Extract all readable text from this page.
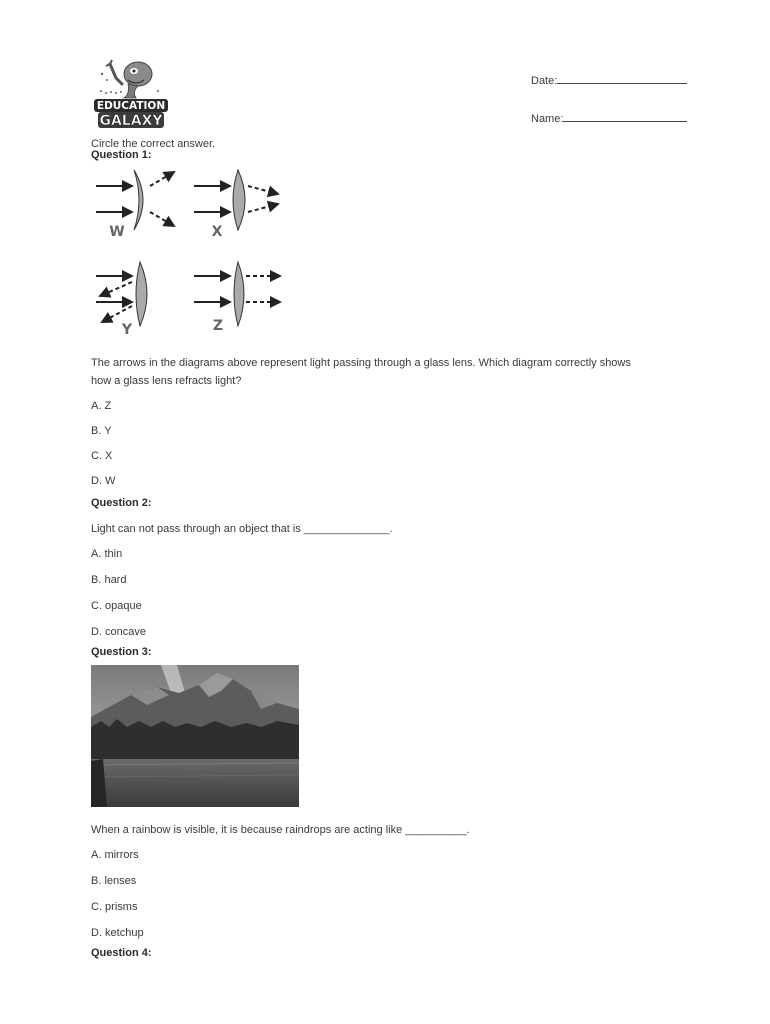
EDUCATION
GALAXY
Date:
Name:
Circle the correct answer.
Question 1:
W	X
Y	Z
The arrows in the diagrams above represent light passing through a glass lens. Which diagram correctly shows
how a glass lens refracts light?
A. Z
B. Y
C. X
D. W
Question 2:
Light can not pass through an object that is ______________.
A. thin
B. hard
C. opaque
D. concave
Question 3:
When a rainbow is visible, it is because raindrops are acting like __________.
A. mirrors
B. lenses
C. prisms
D. ketchup
Question 4:
